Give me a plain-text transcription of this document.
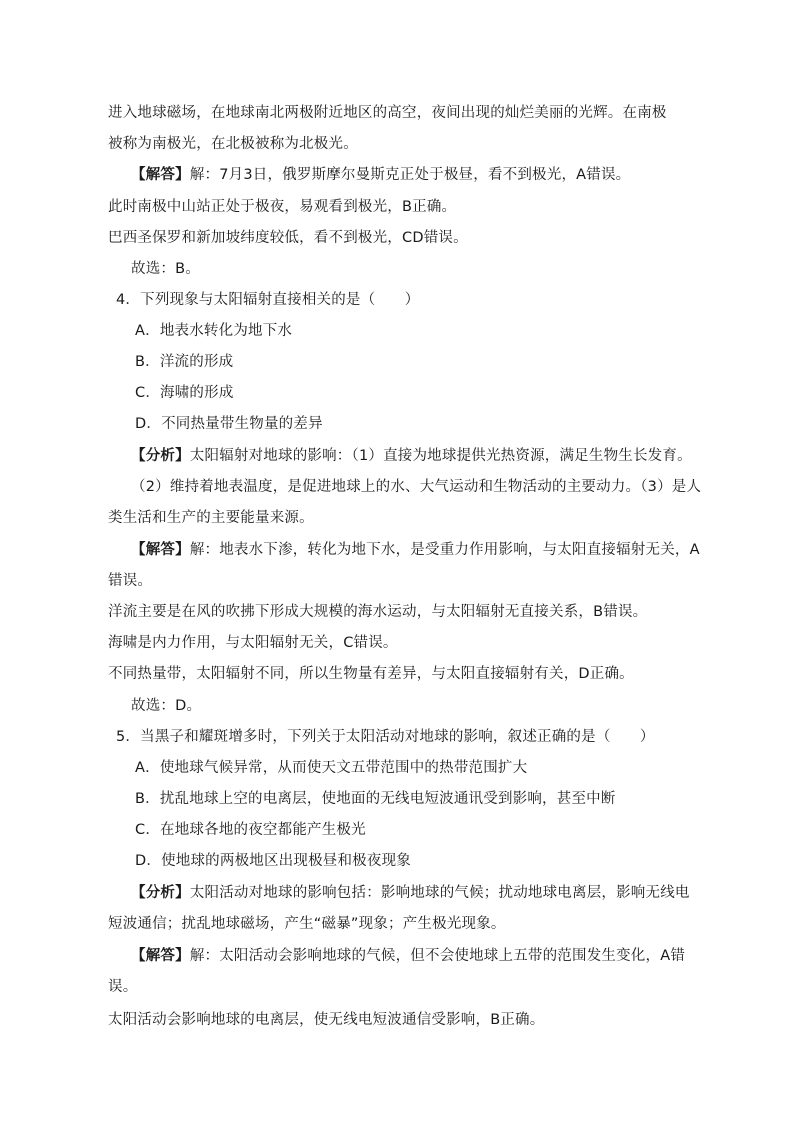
进入地球磁场，在地球南北两极附近地区的高空，夜间出现的灿烂美丽的光辉。在南极
被称为南极光，在北极被称为北极光。
【解答】解：7月3日，俄罗斯摩尔曼斯克正处于极昼，看不到极光，A错误。
此时南极中山站正处于极夜，易观看到极光，B正确。
巴西圣保罗和新加坡纬度较低，看不到极光，CD错误。
故选：B。
4．下列现象与太阳辐射直接相关的是（　　）
A．地表水转化为地下水
B．洋流的形成
C．海啸的形成
D．不同热量带生物量的差异
【分析】太阳辐射对地球的影响：（1）直接为地球提供光热资源，满足生物生长发育。
（2）维持着地表温度，是促进地球上的水、大气运动和生物活动的主要动力。（3）是人
类生活和生产的主要能量来源。
【解答】解：地表水下渗，转化为地下水，是受重力作用影响，与太阳直接辐射无关，A
错误。
洋流主要是在风的吹拂下形成大规模的海水运动，与太阳辐射无直接关系，B错误。
海啸是内力作用，与太阳辐射无关，C错误。
不同热量带，太阳辐射不同，所以生物量有差异，与太阳直接辐射有关，D正确。
故选：D。
5．当黑子和耀斑增多时，下列关于太阳活动对地球的影响，叙述正确的是（　　）
A．使地球气候异常，从而使天文五带范围中的热带范围扩大
B．扰乱地球上空的电离层，使地面的无线电短波通讯受到影响，甚至中断
C．在地球各地的夜空都能产生极光
D．使地球的两极地区出现极昼和极夜现象
【分析】太阳活动对地球的影响包括：影响地球的气候；扰动地球电离层，影响无线电
短波通信；扰乱地球磁场，产生“磁暴”现象；产生极光现象。
【解答】解：太阳活动会影响地球的气候，但不会使地球上五带的范围发生变化，A错
误。
太阳活动会影响地球的电离层，使无线电短波通信受影响，B正确。
